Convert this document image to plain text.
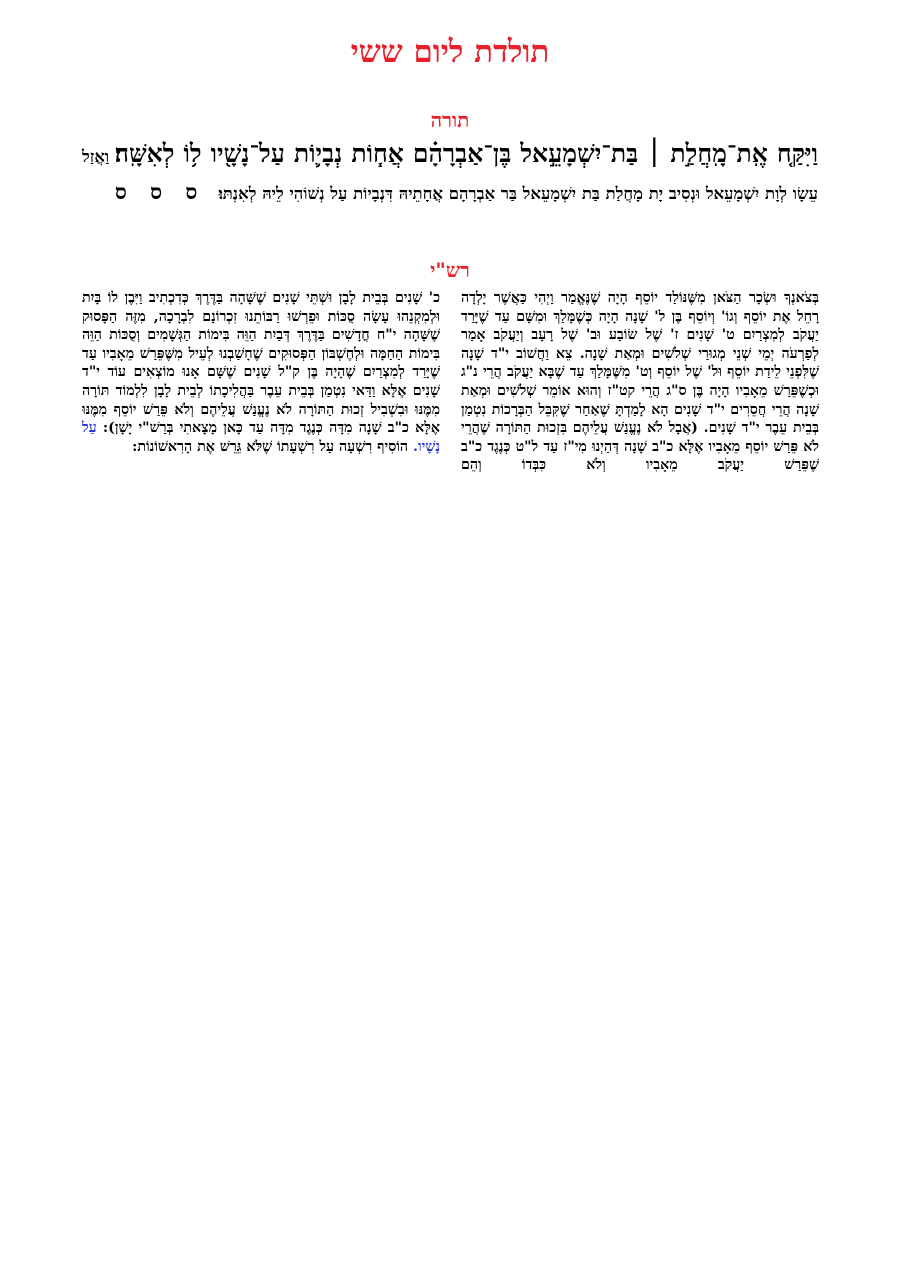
תולדת ליום ששי
תורה
וַיִּקַּ֤ח אֶֽת־מָֽחֲלַ֣ת ׀ בַּת־יִשְׁמָעֵ֣אל בֶּן־אַבְרָהָ֗ם אֲח֧וֹת נְבָי֛וֹת עַל־נָשָׁ֖יו ל֥וֹ לְאִשָּֽׁה׃ וַאֲזַל עֵשָׂו לְוָת יִשְׁמָעֵאל וּנְסִיב יָת מָחֲלַת בַּת יִשְׁמָעֵאל בַּר אַבְרָהָם אֲחָתֵיהּ דִּנְבָיוֹת עַל נְשׁוֹהִי לֵיהּ לְאִנְתּוּ׃ ס ס ס
רש"י
בְּצֹאנְךָ וּשְׂכָר הַצֹּאן מִשֶּׁנּוֹלַד יוֹסֵף הָיָה שֶׁנֶּאֱמַר וַיְהִי כַּאֲשֶׁר יָלְדָה רָחֵל אֶת יוֹסֵף וְגוֹ' וְיוֹסֵף בֶּן ל' שָׁנָה הָיָה כְּשֶׁמָּלַךְ וּמִשָּׁם עַד שֶׁיָּרַד יַעֲקֹב לְמִצְרַיִם ט' שָׁנִים ז' שֶׁל שׂוֹבַע וּב' שֶׁל רָעָב וְיַעֲקֹב אָמַר לְפַרְעֹה יְמֵי שְׁנֵי מְגוּרַי שְׁלֹשִׁים וּמְאַת שָׁנָה. צֵא וַחֲשׁוֹב י"ד שָׁנָה שֶׁלִּפְנֵי לֵידַת יוֹסֵף וּל' שֶׁל יוֹסֵף וְט' מִשֶּׁמָּלַךְ עַד שֶׁבָּא יַעֲקֹב הֲרֵי נ"ג וּכְשֶׁפֵּרַשׁ מֵאָבִיו הָיָה בֶּן ס"ג הֲרֵי קט"ז וְהוּא אוֹמֵר שְׁלֹשִׁים וּמְאַת שָׁנָה הֲרֵי חֲסֵרִים י"ד שָׁנִים הָא לָמַדְתָּ שֶׁאַחַר שֶׁקִּבֵּל הַבְּרָכוֹת נִטְמַן בְּבֵית עֵבֶר י"ד שָׁנִים. (אֲבָל לֹא נֶעֱנַשׁ עֲלֵיהֶם בִּזְכוּת הַתּוֹרָה שֶׁהֲרֵי לֹא פֵּרַשׁ יוֹסֵף מֵאָבִיו אֶלָּא כ"ב שָׁנָה דְּהַיְנוּ מִי"ז עַד ל"ט כְּנֶגֶד כ"ב שֶׁפֵּרַשׁ יַעֲקֹב מֵאָבִיו וְלֹא כִּבְּדוֹ וְהֵם
כ' שָׁנִים בְּבֵית לָבָן וּשְׁתֵּי שָׁנִים שֶׁשָּׁהָה בַּדֶּרֶךְ כְּדִכְתִיב וַיִּבֶן לוֹ בָּיִת וּלְמִקְנֵהוּ עָשָׂה סֻכּוֹת וּפֵרְשׁוּ רַבּוֹתֵנוּ זִכְרוֹנָם לִבְרָכָה, מִזֶּה הַפָּסוּק שֶׁשָּׁהָה י"ח חֳדָשִׁים בַּדֶּרֶךְ דְּבַיִת הַוֵּה בִּימוֹת הַגְּשָׁמִים וְסֻכּוֹת הַוֵּה בִּימוֹת הַחַמָּה וּלְחֶשְׁבּוֹן הַפְּסוּקִים שֶׁחָשַׁבְנוּ לְעֵיל מִשֶּׁפֵּרַשׁ מֵאָבִיו עַד שֶׁיָּרַד לְמִצְרַיִם שֶׁהָיָה בֶּן ק"ל שָׁנִים שֶׁשָּׁם אָנוּ מוֹצְאִים עוֹד י"ד שָׁנִים אֶלָּא וַדַּאי נִטְמַן בְּבֵית עֵבֶר בַּהֲלִיכָתוֹ לְבֵית לָבָן לִלְמוֹד תּוֹרָה מִמֶּנּוּ וּבִשְׁבִיל זְכוּת הַתּוֹרָה לֹא נֶעֱנַשׁ עֲלֵיהֶם וְלֹא פֵּרַשׁ יוֹסֵף מִמֶּנּוּ אֶלָּא כ"ב שָׁנָה מִדָּה כְּנֶגֶד מִדָּה עַד כָּאן מָצָאתִי בְּרַשׁ"י יָשָׁן): עַל נָשָׁיו. הוֹסִיף רִשְׁעָה עַל רִשְׁעָתוֹ שֶׁלֹּא גֵּרֵשׁ אֶת הָרִאשׁוֹנוֹת:
